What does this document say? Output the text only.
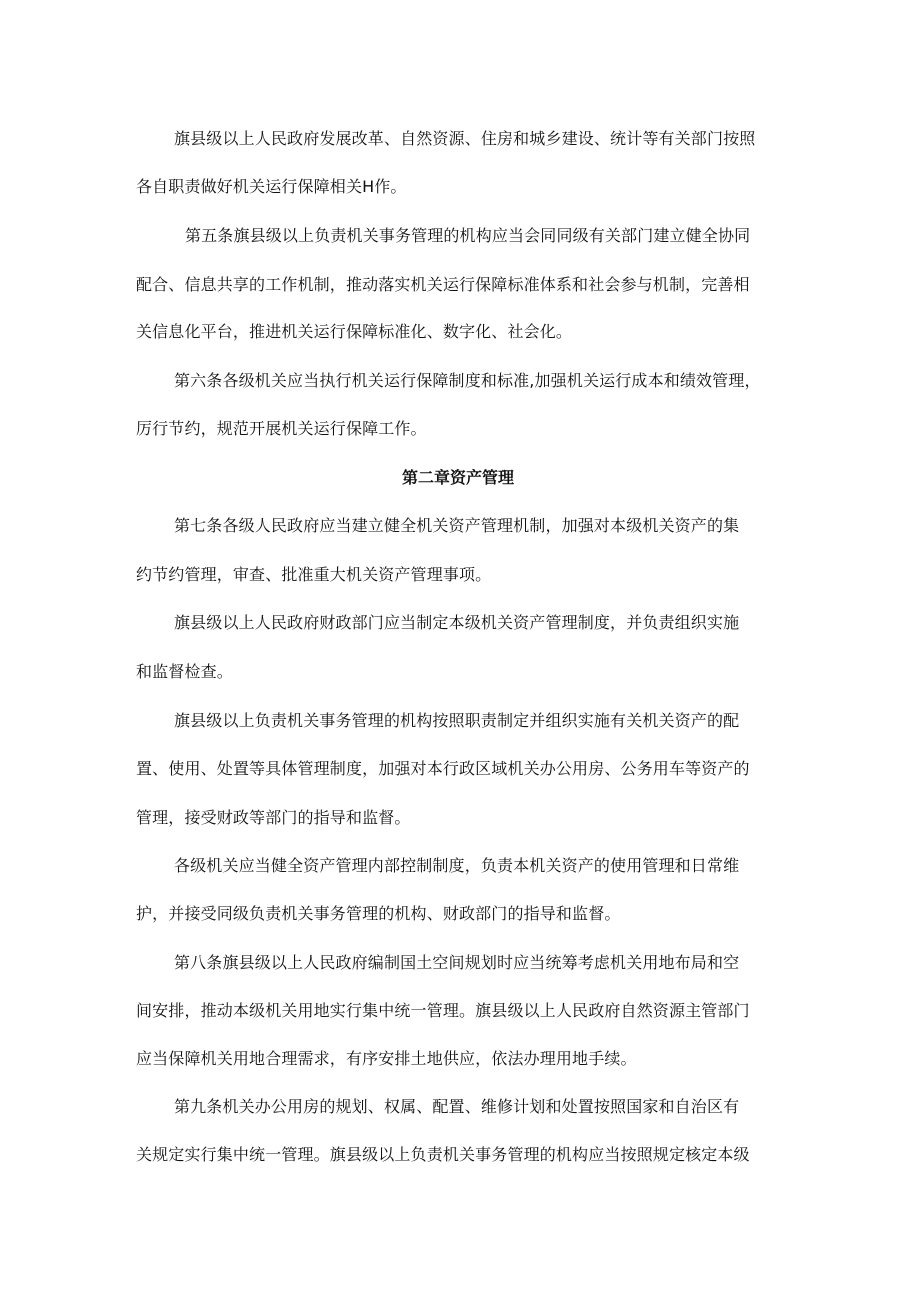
旗县级以上人民政府发展改革、自然资源、住房和城乡建设、统计等有关部门按照
各自职责做好机关运行保障相关H作。
第五条旗县级以上负责机关事务管理的机构应当会同同级有关部门建立健全协同
配合、信息共享的工作机制，推动落实机关运行保障标准体系和社会参与机制，完善相
关信息化平台，推进机关运行保障标准化、数字化、社会化。
第六条各级机关应当执行机关运行保障制度和标准,加强机关运行成本和绩效管理，
厉行节约，规范开展机关运行保障工作。
第二章资产管理
第七条各级人民政府应当建立健全机关资产管理机制，加强对本级机关资产的集
约节约管理，审查、批准重大机关资产管理事项。
旗县级以上人民政府财政部门应当制定本级机关资产管理制度，并负责组织实施
和监督检查。
旗县级以上负责机关事务管理的机构按照职责制定并组织实施有关机关资产的配
置、使用、处置等具体管理制度，加强对本行政区域机关办公用房、公务用车等资产的
管理，接受财政等部门的指导和监督。
各级机关应当健全资产管理内部控制制度，负责本机关资产的使用管理和日常维
护，并接受同级负责机关事务管理的机构、财政部门的指导和监督。
第八条旗县级以上人民政府编制国土空间规划时应当统筹考虑机关用地布局和空
间安排，推动本级机关用地实行集中统一管理。旗县级以上人民政府自然资源主管部门
应当保障机关用地合理需求，有序安排土地供应，依法办理用地手续。
第九条机关办公用房的规划、权属、配置、维修计划和处置按照国家和自治区有
关规定实行集中统一管理。旗县级以上负责机关事务管理的机构应当按照规定核定本级
